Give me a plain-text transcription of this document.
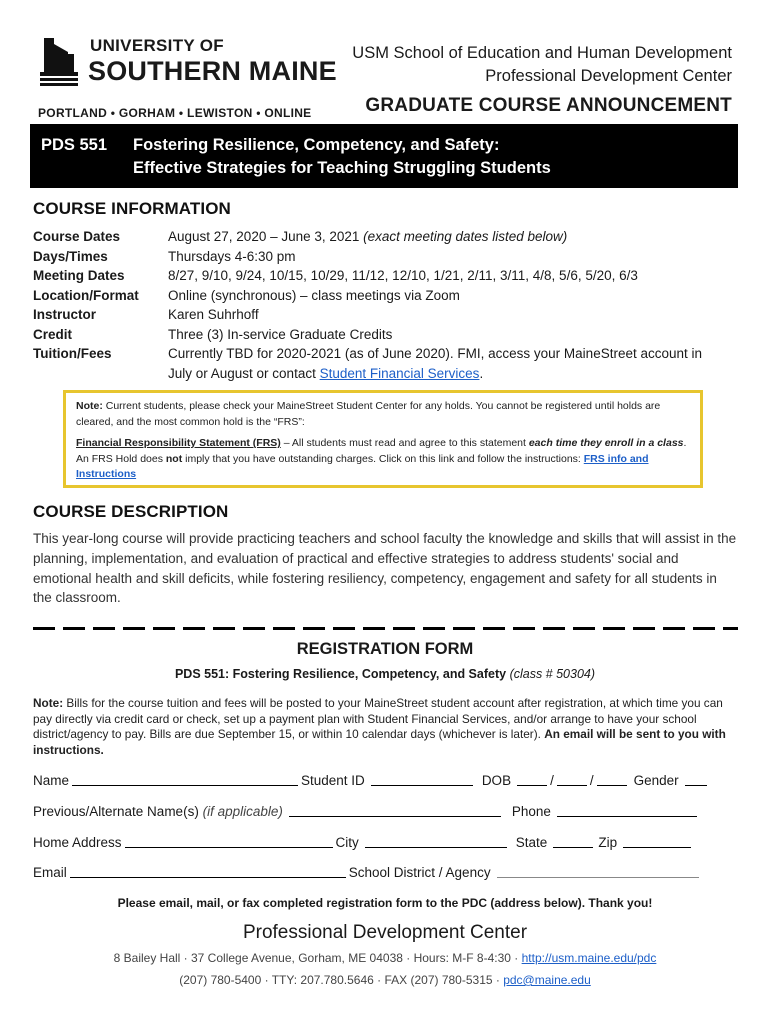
UNIVERSITY OF
SOUTHERN MAINE
PORTLAND • GORHAM • LEWISTON • ONLINE
USM School of Education and Human Development
Professional Development Center
GRADUATE COURSE ANNOUNCEMENT
PDS 551 Fostering Resilience, Competency, and Safety:
Effective Strategies for Teaching Struggling Students
COURSE INFORMATION
Course Dates	August 27, 2020 – June 3, 2021 (exact meeting dates listed below)
Days/Times	Thursdays 4-6:30 pm
Meeting Dates	8/27, 9/10, 9/24, 10/15, 10/29, 11/12, 12/10, 1/21, 2/11, 3/11, 4/8, 5/6, 5/20, 6/3
Location/Format	Online (synchronous) – class meetings via Zoom
Instructor	Karen Suhrhoff
Credit	Three (3) In-service Graduate Credits
Tuition/Fees	Currently TBD for 2020-2021 (as of June 2020). FMI, access your MaineStreet account in July or August or contact Student Financial Services.

Note: Current students, please check your MaineStreet Student Center for any holds. You cannot be registered until holds are cleared, and the most common hold is the “FRS”:

Financial Responsibility Statement (FRS) – All students must read and agree to this statement each time they enroll in a class. An FRS Hold does not imply that you have outstanding charges. Click on this link and follow the instructions: FRS info and Instructions

COURSE DESCRIPTION
This year-long course will provide practicing teachers and school faculty the knowledge and skills that will assist in the planning, implementation, and evaluation of practical and effective strategies to address students' social and emotional health and skill deficits, while fostering resiliency, competency, engagement and safety for all students in the classroom.
REGISTRATION FORM
PDS 551: Fostering Resilience, Competency, and Safety (class # 50304)
Note: Bills for the course tuition and fees will be posted to your MaineStreet student account after registration, at which time you can pay directly via credit card or check, set up a payment plan with Student Financial Services, and/or arrange to have your school district/agency to pay. Bills are due September 15, or within 10 calendar days (whichever is later). An email will be sent to you with instructions.
Name	Student ID	DOB	/	/	Gender
Previous/Alternate Name(s) (if applicable)	Phone
Home Address	City	State	Zip
Email	School District / Agency
Please email, mail, or fax completed registration form to the PDC (address below). Thank you!
Professional Development Center
8 Bailey Hall · 37 College Avenue, Gorham, ME 04038 · Hours: M-F 8-4:30 · http://usm.maine.edu/pdc
(207) 780-5400 · TTY: 207.780.5646 · FAX (207) 780-5315 · pdc@maine.edu
